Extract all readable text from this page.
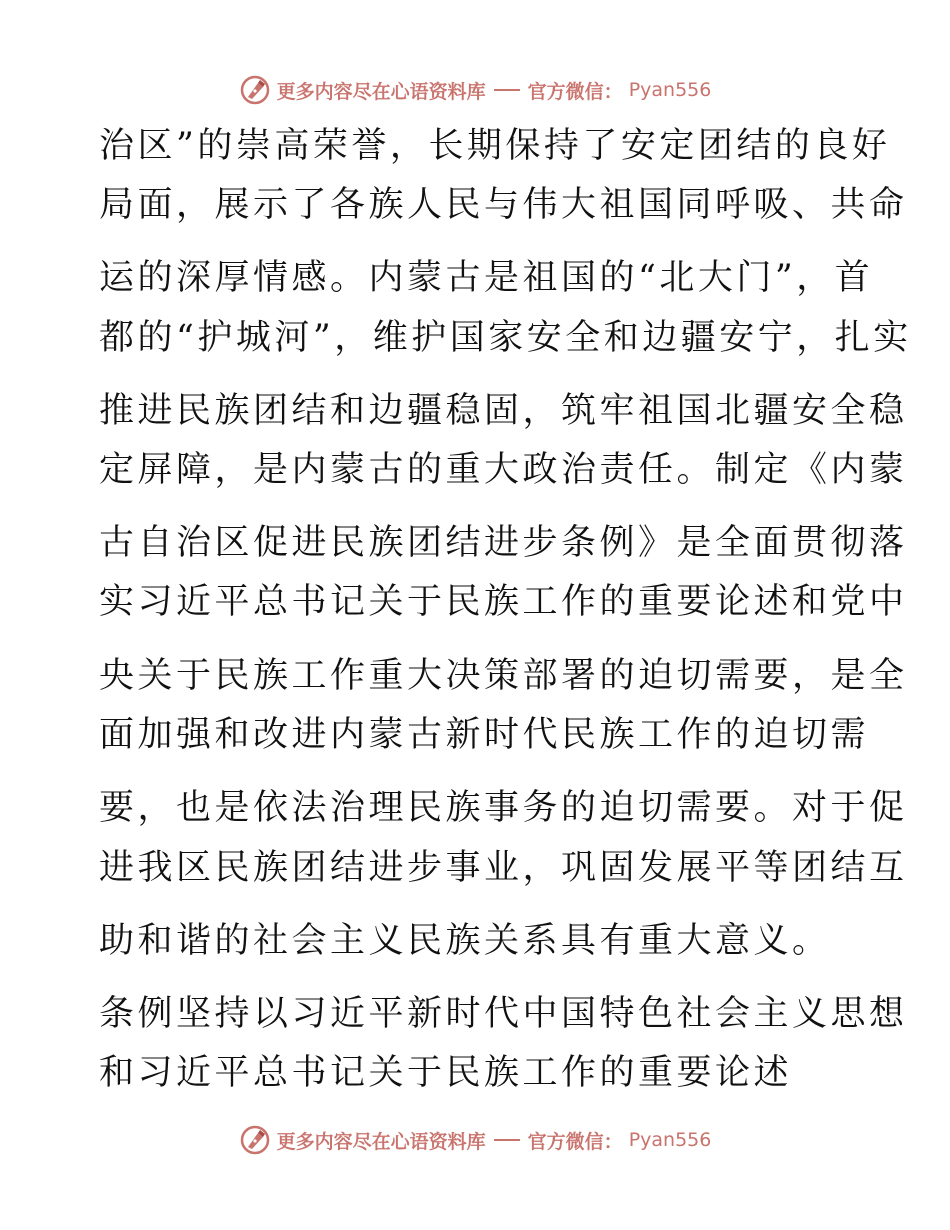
更多内容尽在心语资料库 官方微信： Pyan556
治区”的崇高荣誉，长期保持了安定团结的良好
局面，展示了各族人民与伟大祖国同呼吸、共命
运的深厚情感。内蒙古是祖国的“北大门”，首
都的“护城河”，维护国家安全和边疆安宁，扎实
推进民族团结和边疆稳固，筑牢祖国北疆安全稳
定屏障，是内蒙古的重大政治责任。制定《内蒙
古自治区促进民族团结进步条例》是全面贯彻落
实习近平总书记关于民族工作的重要论述和党中
央关于民族工作重大决策部署的迫切需要，是全
面加强和改进内蒙古新时代民族工作的迫切需
要，也是依法治理民族事务的迫切需要。对于促
进我区民族团结进步事业，巩固发展平等团结互
助和谐的社会主义民族关系具有重大意义。
条例坚持以习近平新时代中国特色社会主义思想
和习近平总书记关于民族工作的重要论述
更多内容尽在心语资料库 官方微信： Pyan556
